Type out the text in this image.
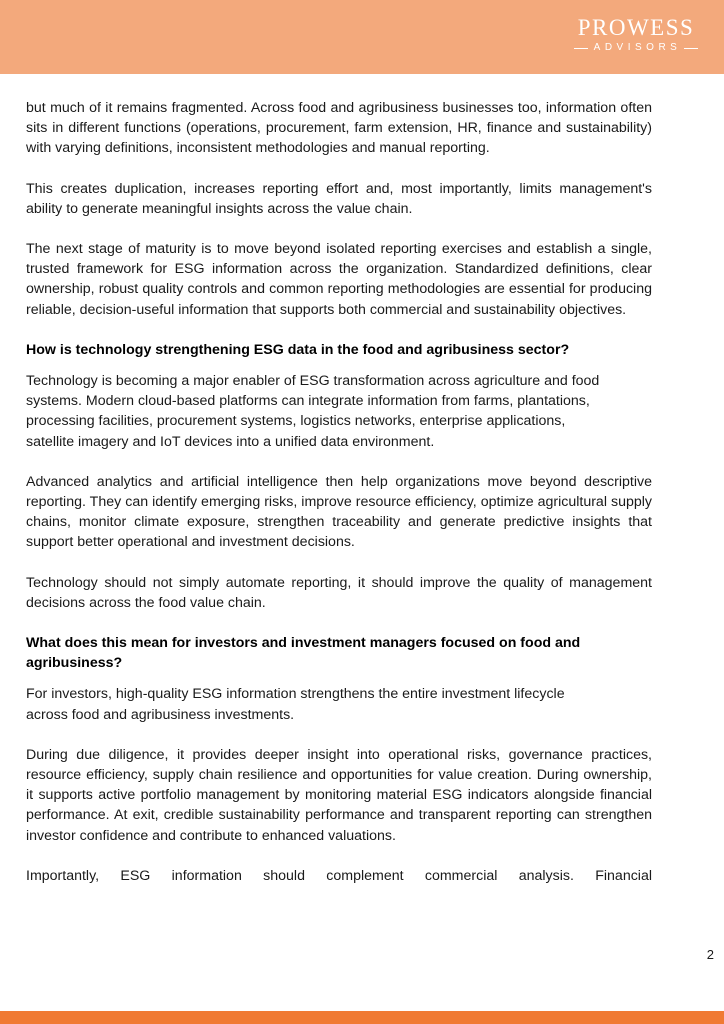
PROWESS
ADVISORS

but much of it remains fragmented. Across food and agribusiness businesses too, information often sits in different functions (operations, procurement, farm extension, HR, finance and sustainability) with varying definitions, inconsistent methodologies and manual reporting.

This creates duplication, increases reporting effort and, most importantly, limits management's ability to generate meaningful insights across the value chain.

The next stage of maturity is to move beyond isolated reporting exercises and establish a single, trusted framework for ESG information across the organization. Standardized definitions, clear ownership, robust quality controls and common reporting methodologies are essential for producing reliable, decision-useful information that supports both commercial and sustainability objectives.

How is technology strengthening ESG data in the food and agribusiness sector?

Technology is becoming a major enabler of ESG transformation across agriculture and food
systems. Modern cloud-based platforms can integrate information from farms, plantations,
processing facilities, procurement systems, logistics networks, enterprise applications,
satellite imagery and IoT devices into a unified data environment.

Advanced analytics and artificial intelligence then help organizations move beyond descriptive reporting. They can identify emerging risks, improve resource efficiency, optimize agricultural supply chains, monitor climate exposure, strengthen traceability and generate predictive insights that support better operational and investment decisions.

Technology should not simply automate reporting, it should improve the quality of management decisions across the food value chain.

What does this mean for investors and investment managers focused on food and agribusiness?

For investors, high-quality ESG information strengthens the entire investment lifecycle
across food and agribusiness investments.

During due diligence, it provides deeper insight into operational risks, governance practices, resource efficiency, supply chain resilience and opportunities for value creation. During ownership, it supports active portfolio management by monitoring material ESG indicators alongside financial performance. At exit, credible sustainability performance and transparent reporting can strengthen investor confidence and contribute to enhanced valuations.

Importantly, ESG information should complement commercial analysis. Financial

2
